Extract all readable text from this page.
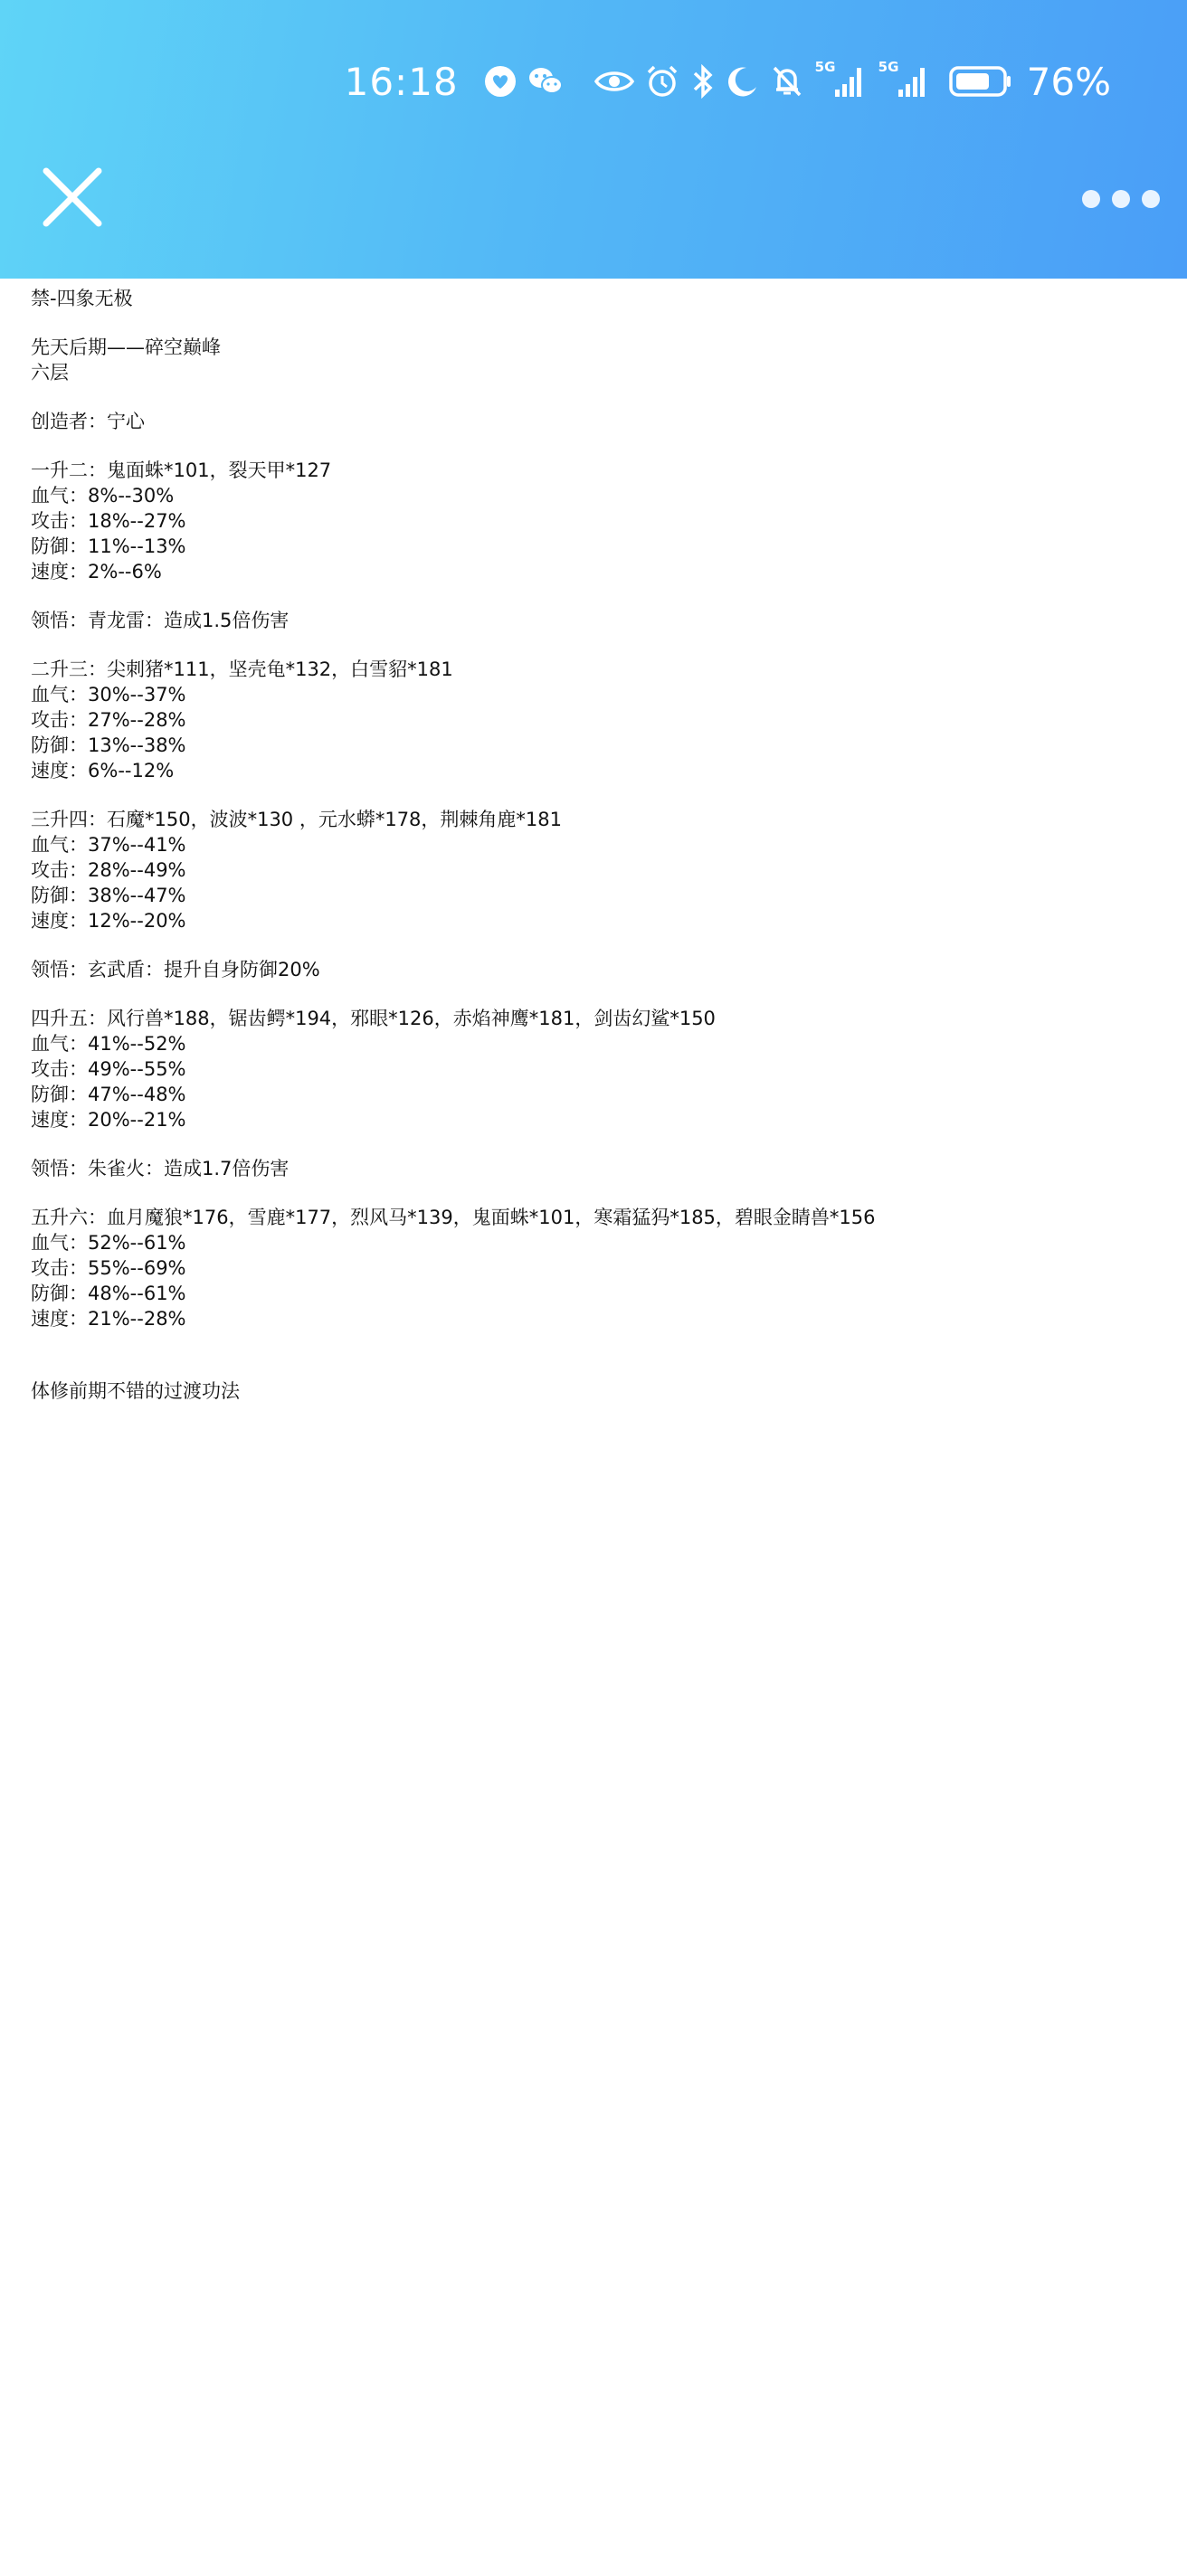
16:18	5G	5G	76%
禁-四象无极
先天后期——碎空巅峰
六层
创造者：宁心
一升二：鬼面蛛*101，裂天甲*127
血气：8%--30%
攻击：18%--27%
防御：11%--13%
速度：2%--6%
领悟：青龙雷：造成1.5倍伤害
二升三：尖刺猪*111，坚壳龟*132，白雪貂*181
血气：30%--37%
攻击：27%--28%
防御：13%--38%
速度：6%--12%
三升四：石魔*150，波波*130 ，元水蟒*178，荆棘角鹿*181
血气：37%--41%
攻击：28%--49%
防御：38%--47%
速度：12%--20%
领悟：玄武盾：提升自身防御20%
四升五：风行兽*188，锯齿鳄*194，邪眼*126，赤焰神鹰*181，剑齿幻鲨*150
血气：41%--52%
攻击：49%--55%
防御：47%--48%
速度：20%--21%
领悟：朱雀火：造成1.7倍伤害
五升六：血月魔狼*176，雪鹿*177，烈风马*139，鬼面蛛*101，寒霜猛犸*185，碧眼金睛兽*156
血气：52%--61%
攻击：55%--69%
防御：48%--61%
速度：21%--28%
体修前期不错的过渡功法
